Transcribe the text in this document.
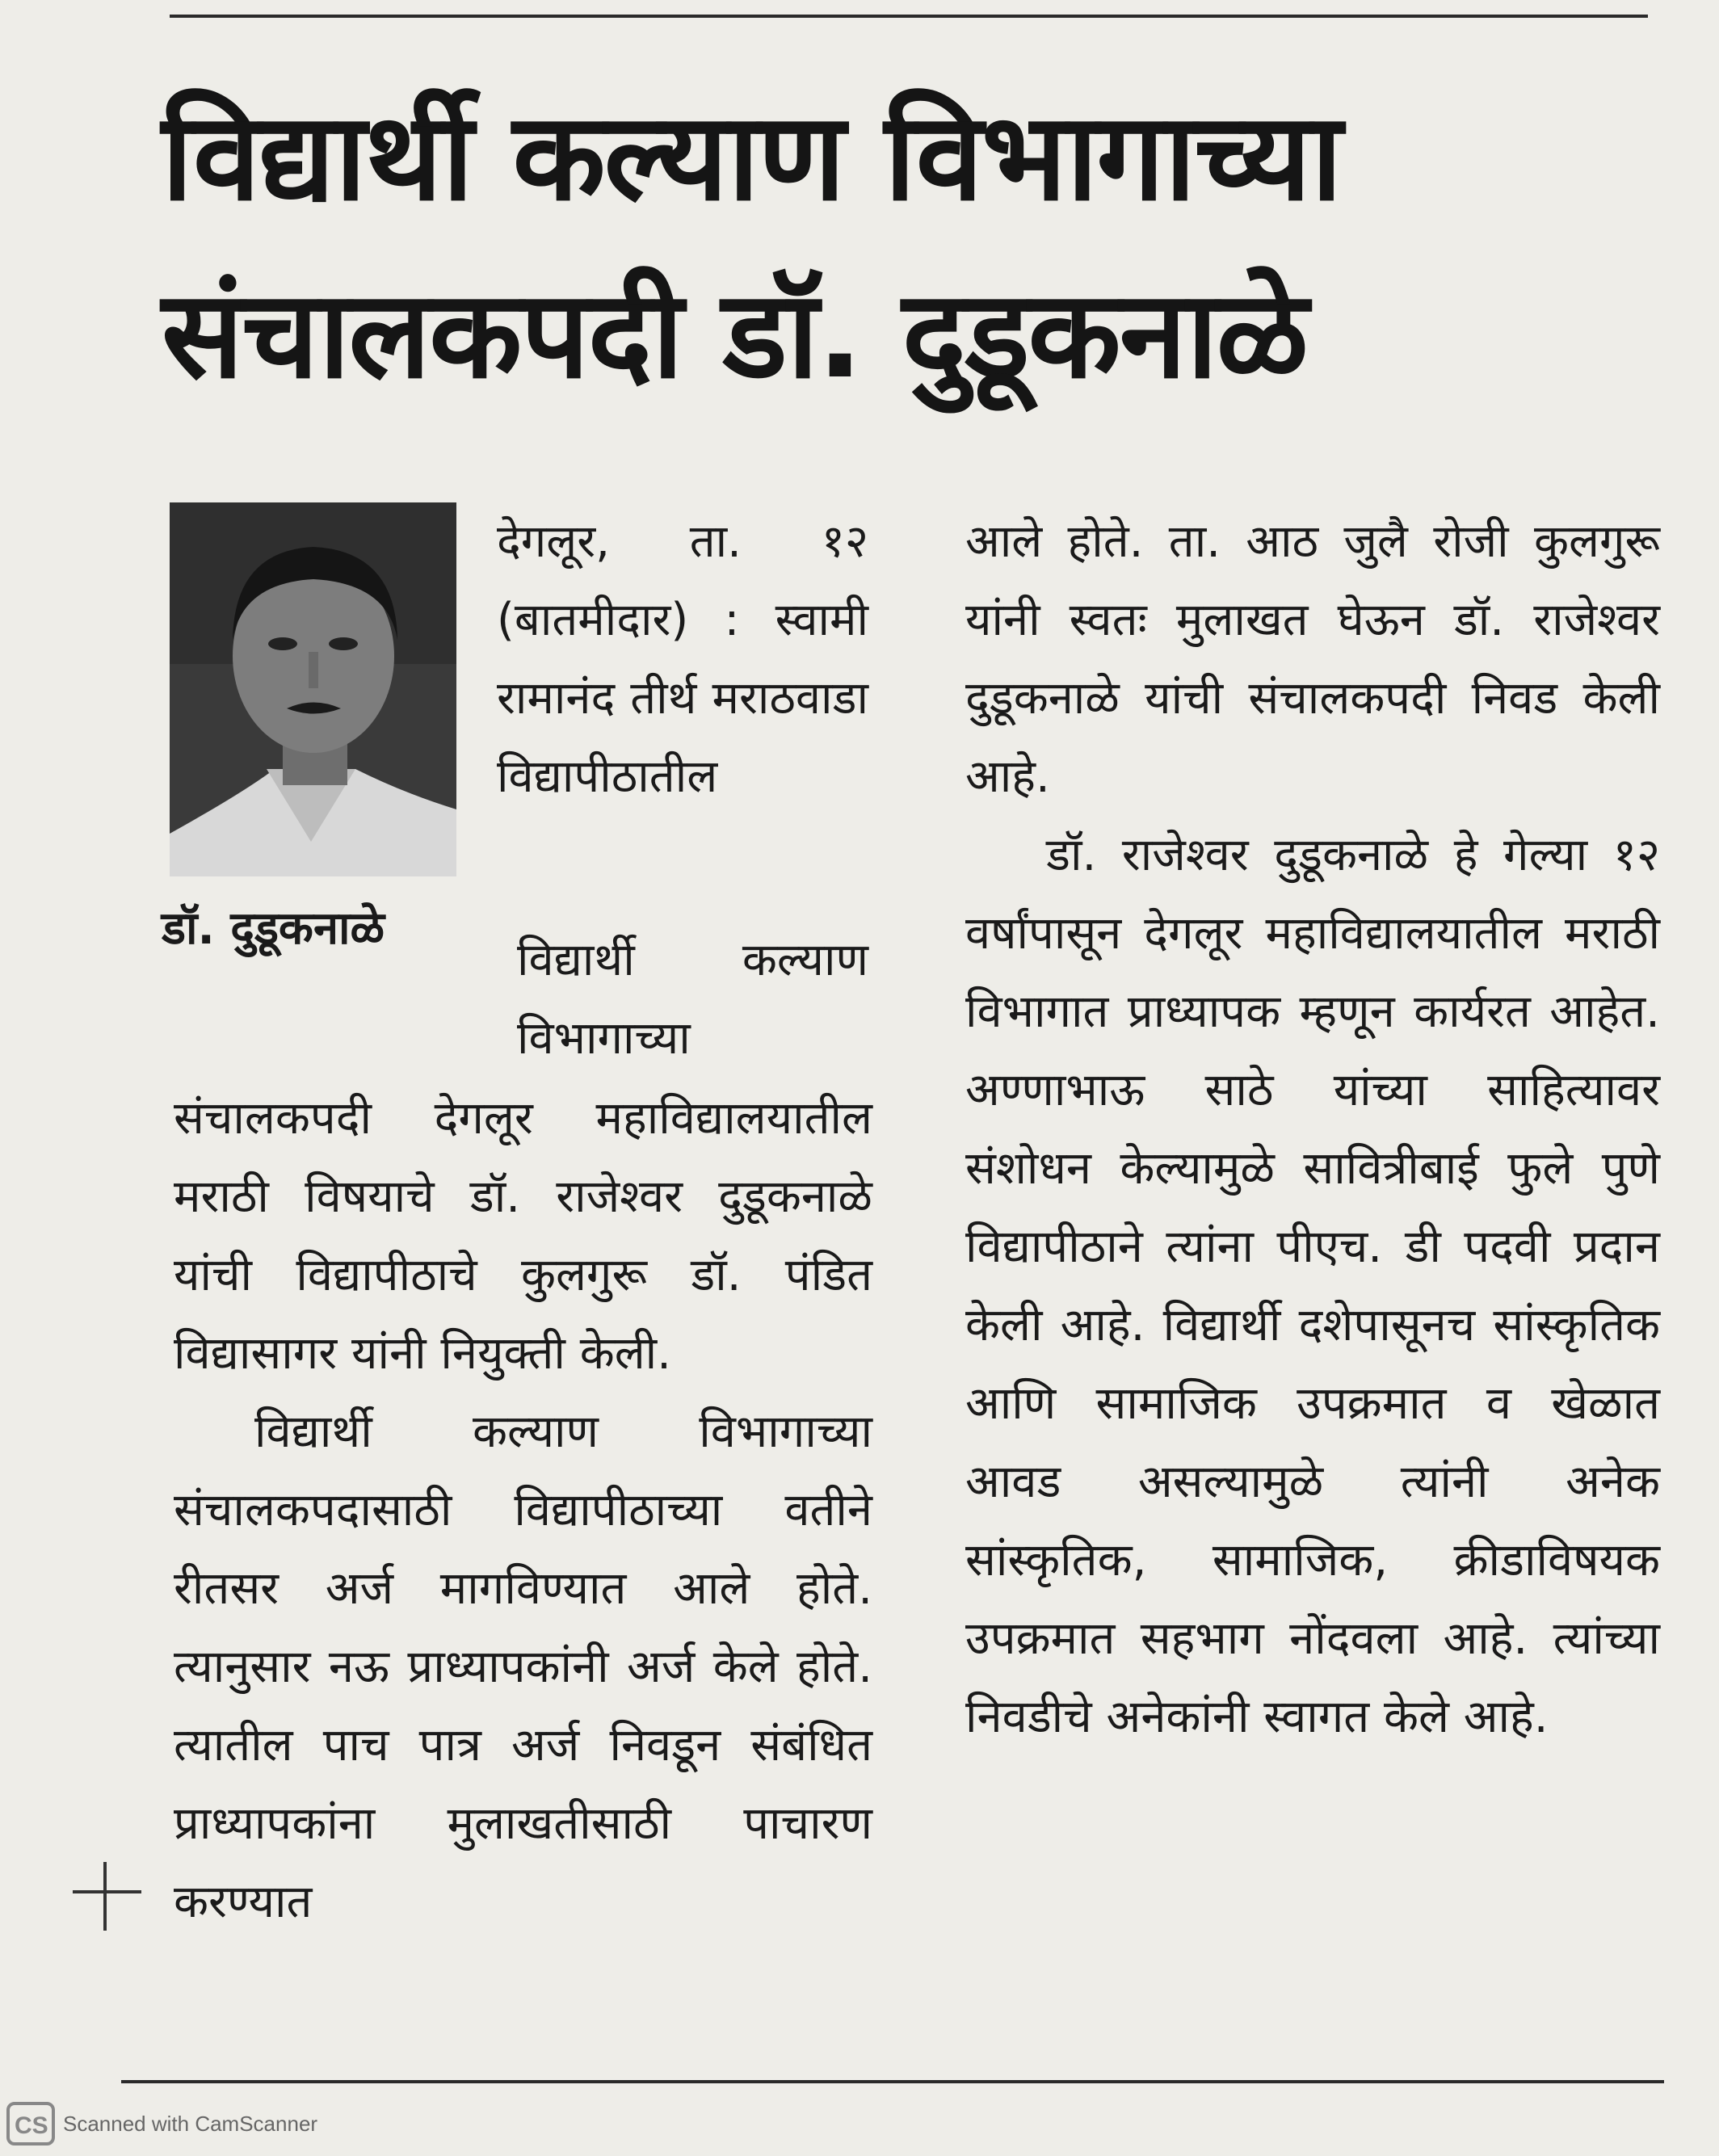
विद्यार्थी कल्याण विभागाच्या
संचालकपदी डॉ. दुडूकनाळे
डॉ. दुडूकनाळे

देगलूर, ता. १२ (बातमीदार) : स्वामी रामानंद तीर्थ मराठवाडा विद्यापीठातील

विद्यार्थी कल्याण विभागाच्या

संचालकपदी देगलूर महाविद्यालयातील मराठी विषयाचे डॉ. राजेश्वर दुडूकनाळे यांची विद्यापीठाचे कुलगुरू डॉ. पंडित विद्यासागर यांनी नियुक्ती केली.

विद्यार्थी कल्याण विभागाच्या संचालकपदासाठी विद्यापीठाच्या वतीने रीतसर अर्ज मागविण्यात आले होते. त्यानुसार नऊ प्राध्यापकांनी अर्ज केले होते. त्यातील पाच पात्र अर्ज निवडून संबंधित प्राध्यापकांना मुलाखतीसाठी पाचारण करण्यात

आले होते. ता. आठ जुलै रोजी कुलगुरू यांनी स्वतः मुलाखत घेऊन डॉ. राजेश्वर दुडूकनाळे यांची संचालकपदी निवड केली आहे.

डॉ. राजेश्वर दुडूकनाळे हे गेल्या १२ वर्षांपासून देगलूर महाविद्यालयातील मराठी विभागात प्राध्यापक म्हणून कार्यरत आहेत. अण्णाभाऊ साठे यांच्या साहित्यावर संशोधन केल्यामुळे सावित्रीबाई फुले पुणे विद्यापीठाने त्यांना पीएच. डी पदवी प्रदान केली आहे. विद्यार्थी दशेपासूनच सांस्कृतिक आणि सामाजिक उपक्रमात व खेळात आवड असल्यामुळे त्यांनी अनेक सांस्कृतिक, सामाजिक, क्रीडाविषयक उपक्रमात सहभाग नोंदवला आहे. त्यांच्या निवडीचे अनेकांनी स्वागत केले आहे.

CS Scanned with CamScanner
